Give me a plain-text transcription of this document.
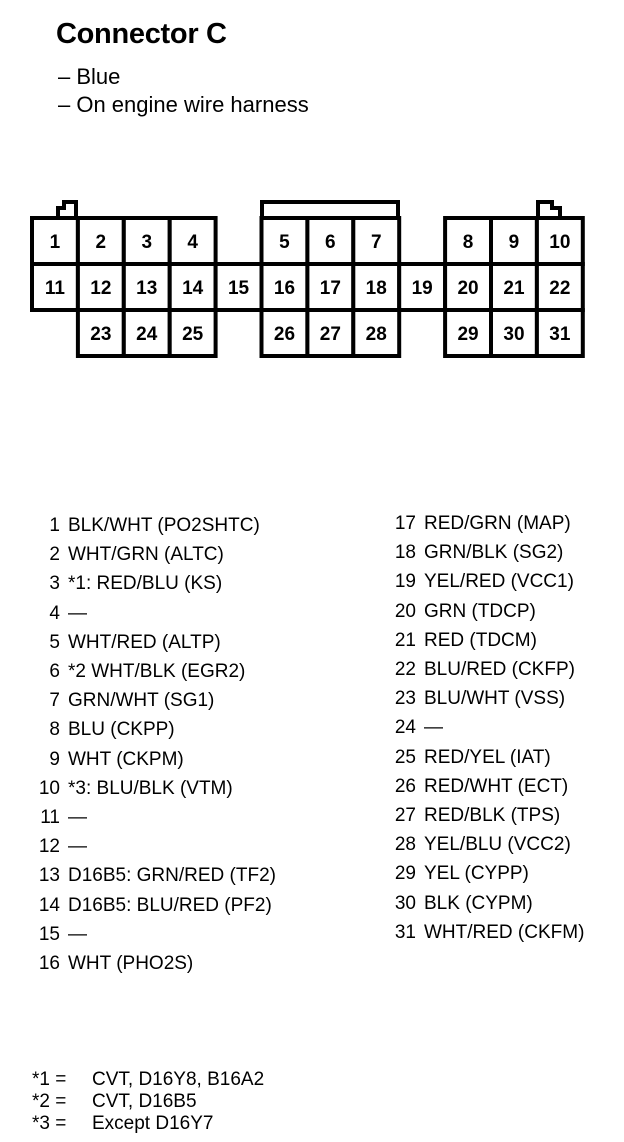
Connector C
– Blue
– On engine wire harness
1 2 3 4	5 6 7	8 9 10
11 12 13 14 15 16 17 18 19 20 21 22
23 24 25	26 27 28	29 30 31
1 BLK/WHT (PO2SHTC)
2 WHT/GRN (ALTC)
3 *1: RED/BLU (KS)
4 —
5 WHT/RED (ALTP)
6 *2 WHT/BLK (EGR2)
7 GRN/WHT (SG1)
8 BLU (CKPP)
9 WHT (CKPM)
10 *3: BLU/BLK (VTM)
11 —
12 —
13 D16B5: GRN/RED (TF2)
14 D16B5: BLU/RED (PF2)
15 —
16 WHT (PHO2S)
17 RED/GRN (MAP)
18 GRN/BLK (SG2)
19 YEL/RED (VCC1)
20 GRN (TDCP)
21 RED (TDCM)
22 BLU/RED (CKFP)
23 BLU/WHT (VSS)
24 —
25 RED/YEL (IAT)
26 RED/WHT (ECT)
27 RED/BLK (TPS)
28 YEL/BLU (VCC2)
29 YEL (CYPP)
30 BLK (CYPM)
31 WHT/RED (CKFM)
*1 = CVT, D16Y8, B16A2
*2 = CVT, D16B5
*3 = Except D16Y7
